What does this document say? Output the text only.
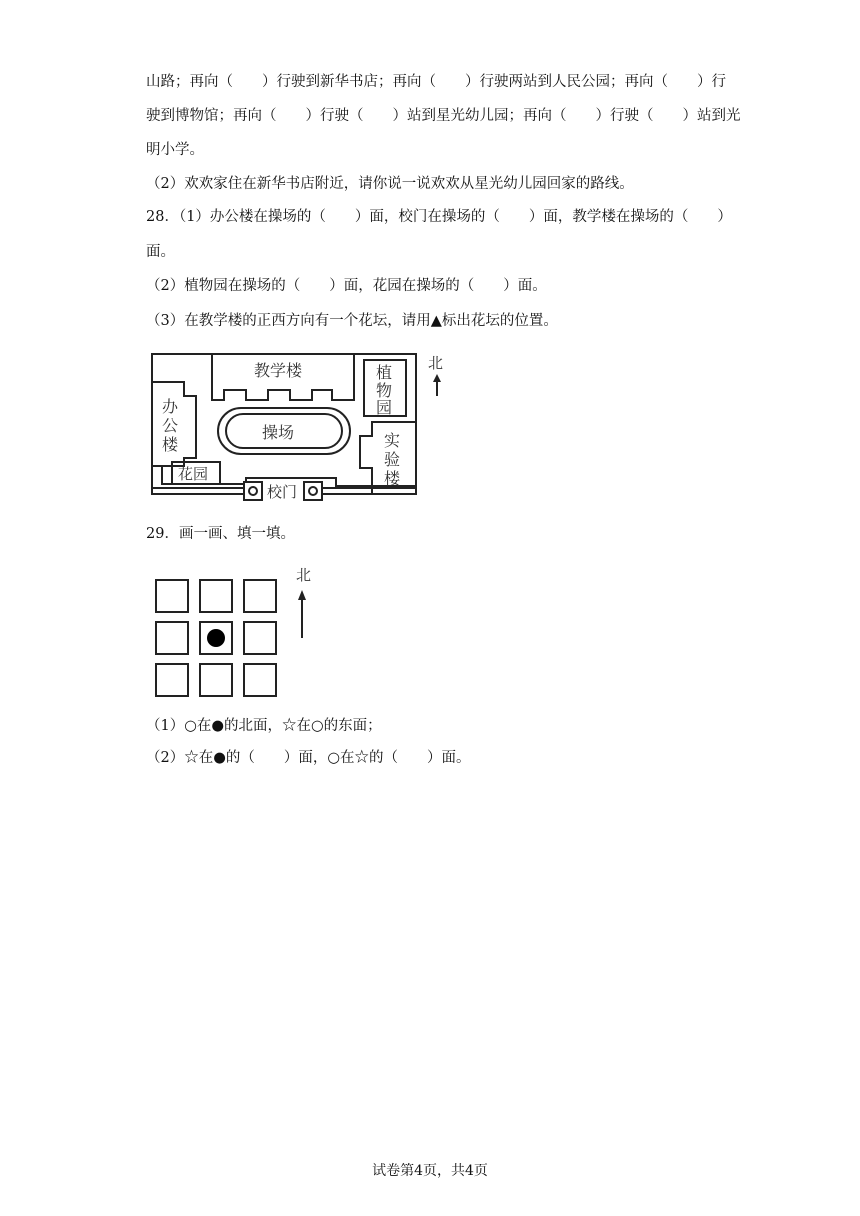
山路；再向（　　）行驶到新华书店；再向（　　）行驶两站到人民公园；再向（　　）行
驶到博物馆；再向（　　）行驶（　　）站到星光幼儿园；再向（　　）行驶（　　）站到光
明小学。
（2）欢欢家住在新华书店附近，请你说一说欢欢从星光幼儿园回家的路线。
28．（1）办公楼在操场的（　　）面，校门在操场的（　　）面，教学楼在操场的（　　）
面。
（2）植物园在操场的（　　）面，花园在操场的（　　）面。
（3）在教学楼的正西方向有一个花坛，请用▲标出花坛的位置。
教学楼	植
物
园
办
公
楼
操场	实
验
楼
花园
校门
北
29．画一画、填一填。
北
（1）○在●的北面，☆在○的东面；
（2）☆在●的（　　）面，○在☆的（　　）面。
试卷第4页，共4页
